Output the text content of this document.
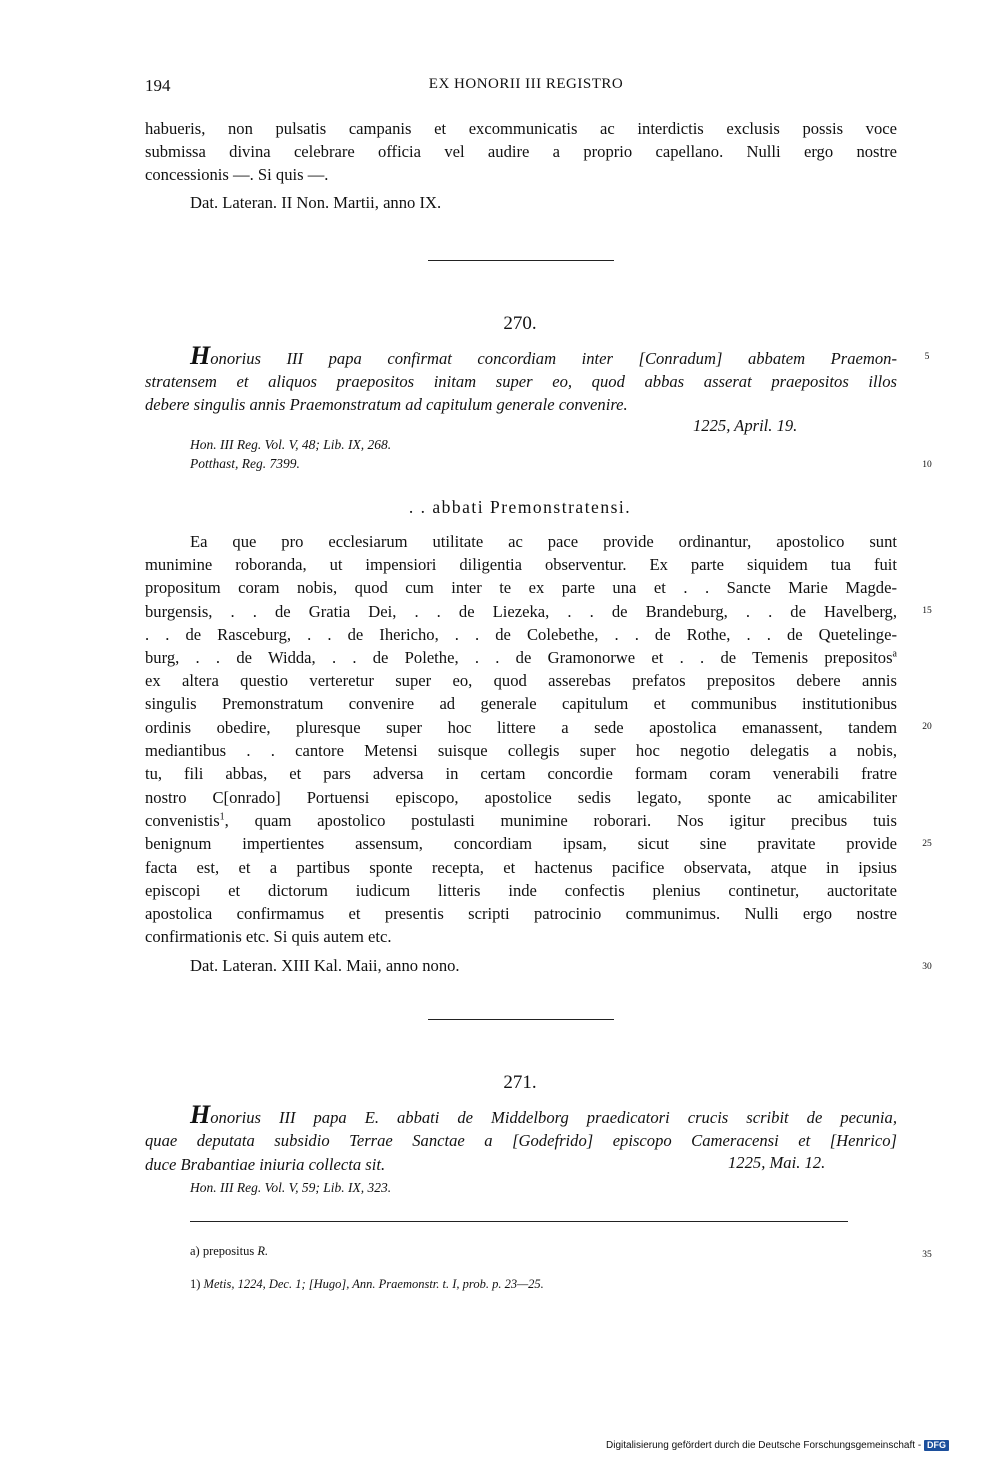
194	EX HONORII III REGISTRO
habueris, non pulsatis campanis et excommunicatis ac interdictis exclusis possis voce
submissa divina celebrare officia vel audire a proprio capellano. Nulli ergo nostre
concessionis —. Si quis —.
Dat. Lateran. II Non. Martii, anno IX.
270.
Honorius III papa confirmat concordiam inter [Conradum] abbatem Praemon-
stratensem et aliquos praepositos initam super eo, quod abbas asserat praepositos illos
debere singulis annis Praemonstratum ad capitulum generale convenire.
1225, April. 19.
Hon. III Reg. Vol. V, 48; Lib. IX, 268.
Potthast, Reg. 7399.
. . abbati Premonstratensi.
Ea que pro ecclesiarum utilitate ac pace provide ordinantur, apostolico sunt
munimine roboranda, ut impensiori diligentia observentur. Ex parte siquidem tua fuit
propositum coram nobis, quod cum inter te ex parte una et . . Sancte Marie Magde-
burgensis, . . de Gratia Dei, . . de Liezeka, . . de Brandeburg, . . de Havelberg,
. . de Rasceburg, . . de Ihericho, . . de Colebethe, . . de Rothe, . . de Quetelinge-
burg, . . de Widda, . . de Polethe, . . de Gramonorwe et . . de Temenis prepositos$^a$
ex altera questio verteretur super eo, quod asserebas prefatos prepositos debere annis
singulis Premonstratum convenire ad generale capitulum et communibus institutionibus
ordinis obedire, pluresque super hoc littere a sede apostolica emanassent, tandem
mediantibus . . cantore Metensi suisque collegis super hoc negotio delegatis a nobis,
tu, fili abbas, et pars adversa in certam concordie formam coram venerabili fratre
nostro C[onrado] Portuensi episcopo, apostolice sedis legato, sponte ac amicabiliter
convenistis$^1$, quam apostolico postulasti munimine roborari. Nos igitur precibus tuis
benignum impertientes assensum, concordiam ipsam, sicut sine pravitate provide
facta est, et a partibus sponte recepta, et hactenus pacifice observata, atque in ipsius
episcopi et dictorum iudicum litteris inde confectis plenius continetur, auctoritate
apostolica confirmamus et presentis scripti patrocinio communimus. Nulli ergo nostre
confirmationis etc. Si quis autem etc.
Dat. Lateran. XIII Kal. Maii, anno nono.
271.
Honorius III papa E. abbati de Middelborg praedicatori crucis scribit de pecunia,
quae deputata subsidio Terrae Sanctae a [Godefrido] episcopo Cameracensi et [Henrico]
duce Brabantiae iniuria collecta sit.	1225, Mai. 12.
Hon. III Reg. Vol. V, 59; Lib. IX, 323.
a) prepositus R.
1) Metis, 1224, Dec. 1; [Hugo], Ann. Praemonstr. t. I, prob. p. 23—25.
5
10
15
20
25
30
35
Digitalisierung gefördert durch die Deutsche Forschungsgemeinschaft - DFG
